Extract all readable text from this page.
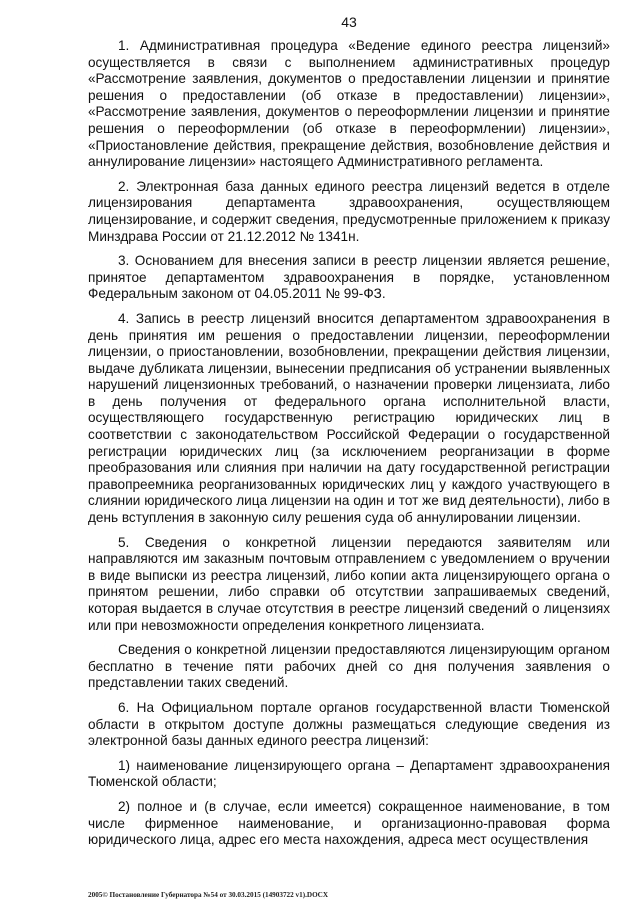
43

1. Административная процедура «Ведение единого реестра лицензий» осуществляется в связи с выполнением административных процедур «Рассмотрение заявления, документов о предоставлении лицензии и принятие решения о предоставлении (об отказе в предоставлении) лицензии», «Рассмотрение заявления, документов о переоформлении лицензии и принятие решения о переоформлении (об отказе в переоформлении) лицензии», «Приостановление действия, прекращение действия, возобновление действия и аннулирование лицензии» настоящего Административного регламента.

2. Электронная база данных единого реестра лицензий ведется в отделе лицензирования департамента здравоохранения, осуществляющем лицензирование, и содержит сведения, предусмотренные приложением к приказу Минздрава России от 21.12.2012 № 1341н.

3. Основанием для внесения записи в реестр лицензии является решение, принятое департаментом здравоохранения в порядке, установленном Федеральным законом от 04.05.2011 № 99-ФЗ.

4. Запись в реестр лицензий вносится департаментом здравоохранения в день принятия им решения о предоставлении лицензии, переоформлении лицензии, о приостановлении, возобновлении, прекращении действия лицензии, выдаче дубликата лицензии, вынесении предписания об устранении выявленных нарушений лицензионных требований, о назначении проверки лицензиата, либо в день получения от федерального органа исполнительной власти, осуществляющего государственную регистрацию юридических лиц в соответствии с законодательством Российской Федерации о государственной регистрации юридических лиц (за исключением реорганизации в форме преобразования или слияния при наличии на дату государственной регистрации правопреемника реорганизованных юридических лиц у каждого участвующего в слиянии юридического лица лицензии на один и тот же вид деятельности), либо в день вступления в законную силу решения суда об аннулировании лицензии.

5. Сведения о конкретной лицензии передаются заявителям или направляются им заказным почтовым отправлением с уведомлением о вручении в виде выписки из реестра лицензий, либо копии акта лицензирующего органа о принятом решении, либо справки об отсутствии запрашиваемых сведений, которая выдается в случае отсутствия в реестре лицензий сведений о лицензиях или при невозможности определения конкретного лицензиата.

Сведения о конкретной лицензии предоставляются лицензирующим органом бесплатно в течение пяти рабочих дней со дня получения заявления о представлении таких сведений.

6. На Официальном портале органов государственной власти Тюменской области в открытом доступе должны размещаться следующие сведения из электронной базы данных единого реестра лицензий:

1) наименование лицензирующего органа – Департамент здравоохранения Тюменской области;

2) полное и (в случае, если имеется) сокращенное наименование, в том числе фирменное наименование, и организационно-правовая форма юридического лица, адрес его места нахождения, адреса мест осуществления

2005© Постановление Губернатора №54 от 30.03.2015 (14903722 v1).DOCX
